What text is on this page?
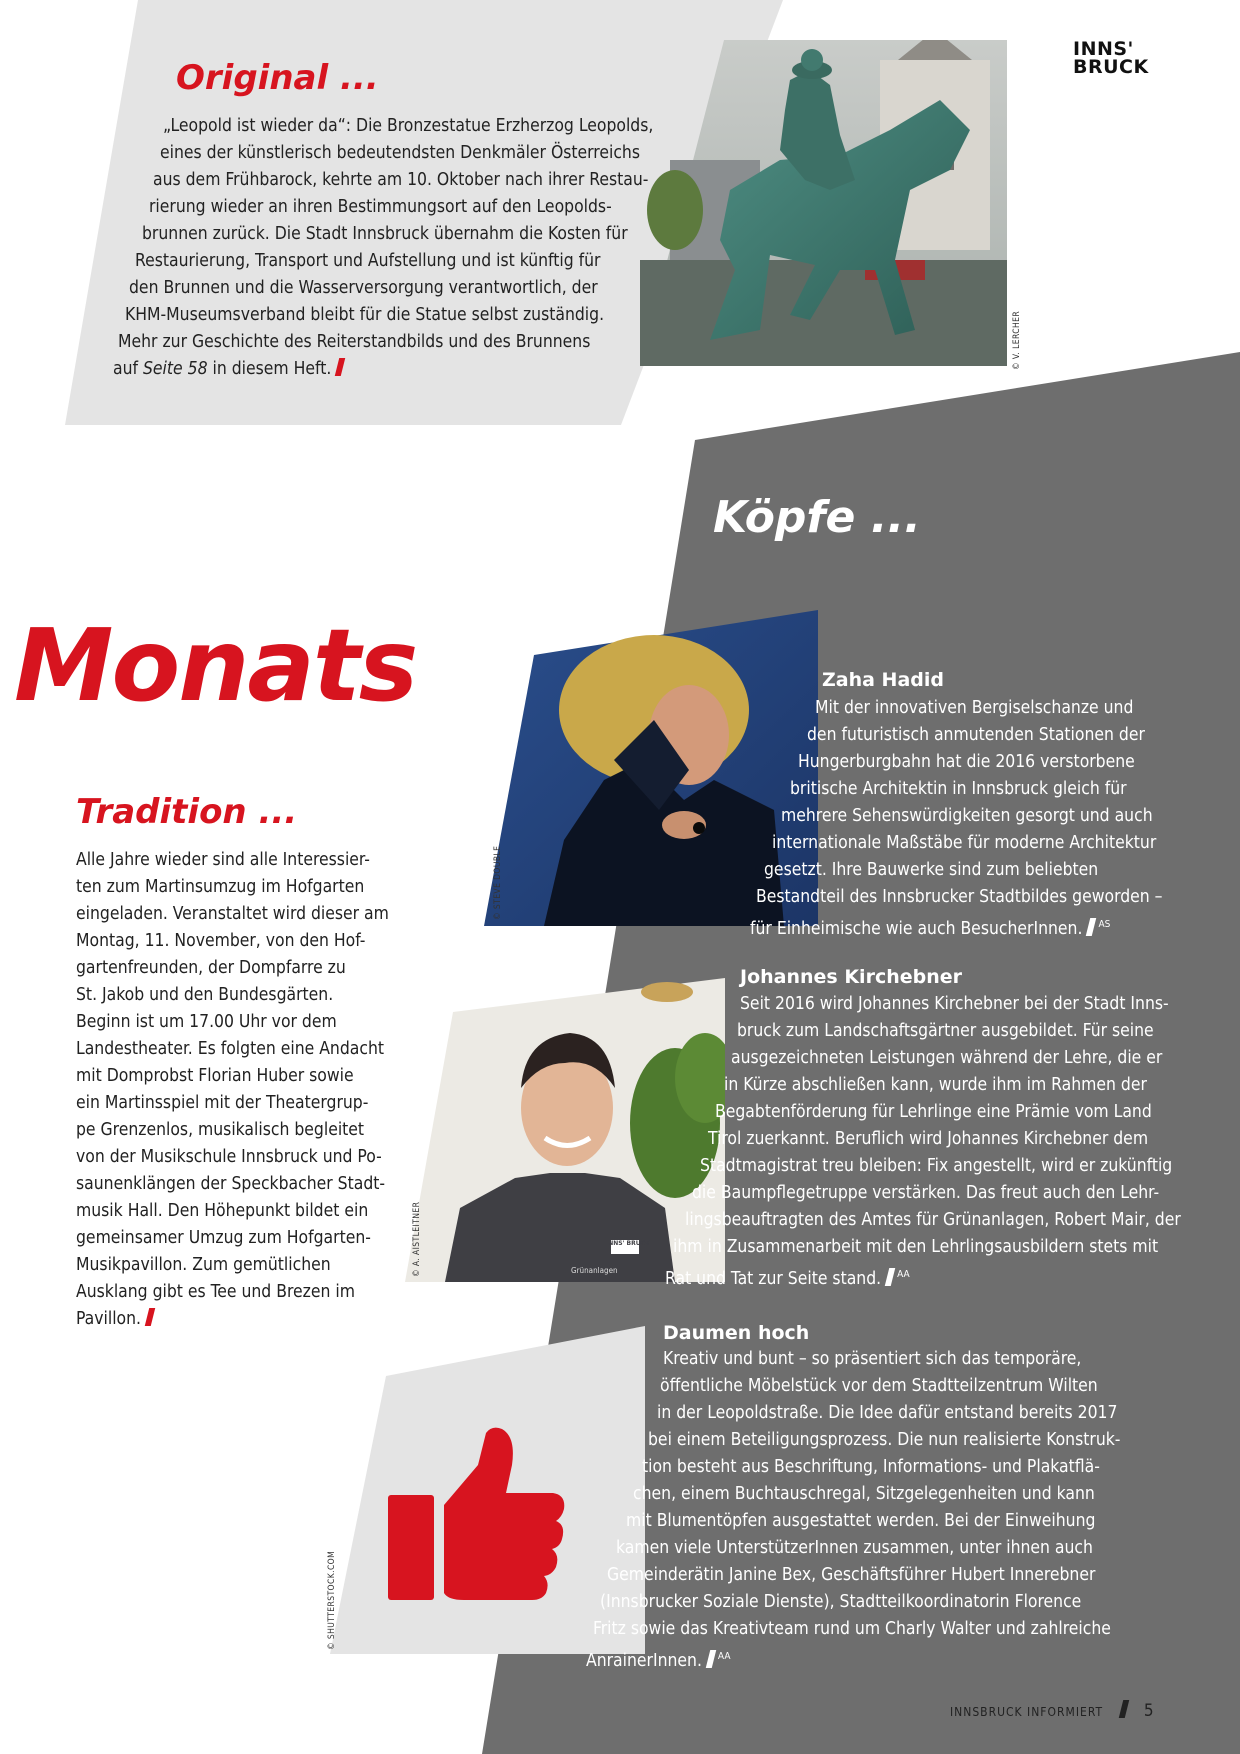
INNS'
BRUCK
Original ...
© V. LERCHER

„Leopold ist wieder da“: Die Bronzestatue Erzherzog Leopolds,

eines der künstlerisch bedeutendsten Denkmäler Österreichs

aus dem Frühbarock, kehrte am 10. Oktober nach ihrer Restau-

rierung wieder an ihren Bestimmungsort auf den Leopolds-

brunnen zurück. Die Stadt Innsbruck übernahm die Kosten für

Restaurierung, Transport und Aufstellung und ist künftig für

den Brunnen und die Wasserversorgung verantwortlich, der

KHM-Museumsverband bleibt für die Statue selbst zuständig.

Mehr zur Geschichte des Reiterstandbilds und des Brunnens

auf Seite 58 in diesem Heft.

Köpfe ...
Monats
Tradition ...

Alle Jahre wieder sind alle Interessier-

ten zum Martinsumzug im Hofgarten

eingeladen. Veranstaltet wird dieser am

Montag, 11. November, von den Hof-

gartenfreunden, der Dompfarre zu

St. Jakob und den Bundesgärten.

Beginn ist um 17.00 Uhr vor dem

Landestheater. Es folgten eine Andacht

mit Domprobst Florian Huber sowie

ein Martinsspiel mit der Theatergrup-

pe Grenzenlos, musikalisch begleitet

von der Musikschule Innsbruck und Po-

saunenklängen der Speckbacher Stadt-

musik Hall. Den Höhepunkt bildet ein

gemeinsamer Umzug zum Hofgarten-

Musikpavillon. Zum gemütlichen

Ausklang gibt es Tee und Brezen im

Pavillon.

© STEVE DOUBLE
Zaha Hadid

Mit der innovativen Bergiselschanze und

den futuristisch anmutenden Stationen der

Hungerburgbahn hat die 2016 verstorbene

britische Architektin in Innsbruck gleich für

mehrere Sehenswürdigkeiten gesorgt und auch

internationale Maßstäbe für moderne Architektur

gesetzt. Ihre Bauwerke sind zum beliebten

Bestandteil des Innsbrucker Stadtbildes geworden –

für Einheimische wie auch BesucherInnen. $^{AS}$

INNS' BRUCK
Grünanlagen
© A. AISTLEITNER
Johannes Kirchebner

Seit 2016 wird Johannes Kirchebner bei der Stadt Inns-

bruck zum Landschaftsgärtner ausgebildet. Für seine

ausgezeichneten Leistungen während der Lehre, die er

in Kürze abschließen kann, wurde ihm im Rahmen der

Begabtenförderung für Lehrlinge eine Prämie vom Land

Tirol zuerkannt. Beruflich wird Johannes Kirchebner dem

Stadtmagistrat treu bleiben: Fix angestellt, wird er zukünftig

die Baumpflegetruppe verstärken. Das freut auch den Lehr-

lingsbeauftragten des Amtes für Grünanlagen, Robert Mair, der

ihm in Zusammenarbeit mit den Lehrlingsausbildern stets mit

Rat und Tat zur Seite stand. $^{AA}$

© SHUTTERSTOCK.COM
Daumen hoch

Kreativ und bunt – so präsentiert sich das temporäre,

öffentliche Möbelstück vor dem Stadtteilzentrum Wilten

in der Leopoldstraße. Die Idee dafür entstand bereits 2017

bei einem Beteiligungsprozess. Die nun realisierte Konstruk-

tion besteht aus Beschriftung, Informations- und Plakatflä-

chen, einem Buchtauschregal, Sitzgelegenheiten und kann

mit Blumentöpfen ausgestattet werden. Bei der Einweihung

kamen viele UnterstützerInnen zusammen, unter ihnen auch

Gemeinderätin Janine Bex, Geschäftsführer Hubert Innerebner

(Innsbrucker Soziale Dienste), Stadtteilkoordinatorin Florence

Fritz sowie das Kreativteam rund um Charly Walter und zahlreiche

AnrainerInnen. $^{AA}$

INNSBRUCK INFORMIERT 5
